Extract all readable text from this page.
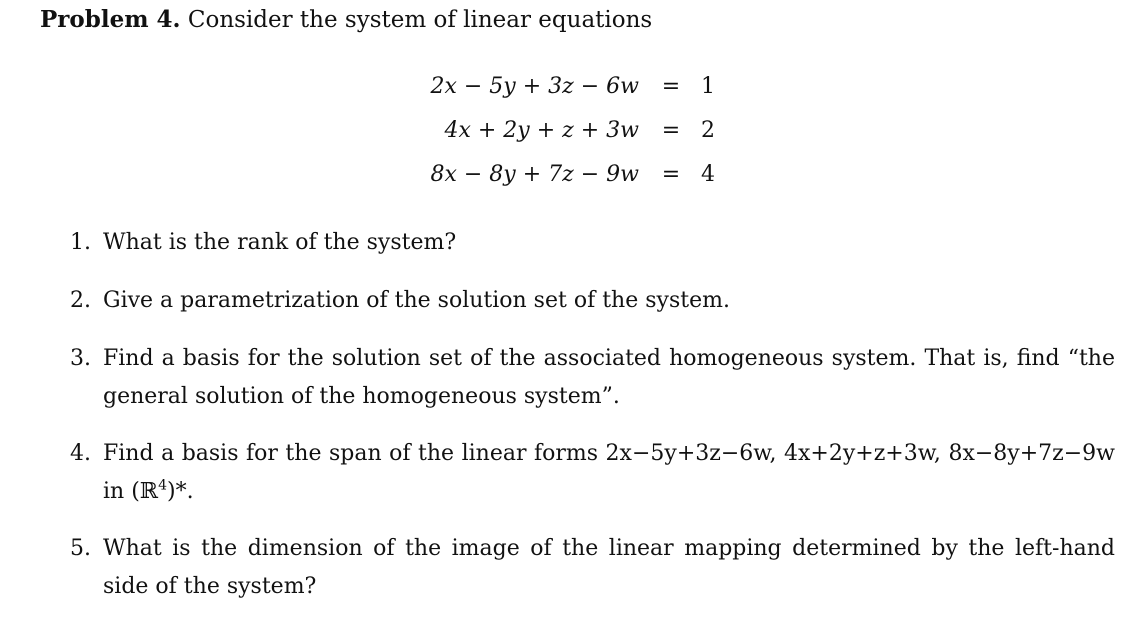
Problem 4. Consider the system of linear equations
2x − 5y + 3z − 6w = 1
4x + 2y + z + 3w = 2
8x − 8y + 7z − 9w = 4
1. What is the rank of the system?
2. Give a parametrization of the solution set of the system.
3. Find a basis for the solution set of the associated homogeneous system. That is, find “the general solution of the homogeneous system”.
4. Find a basis for the span of the linear forms 2x−5y+3z−6w, 4x+2y+z+3w, 8x−8y+7z−9w in (ℝ$^4$)*.
5. What is the dimension of the image of the linear mapping determined by the left-hand side of the system?
